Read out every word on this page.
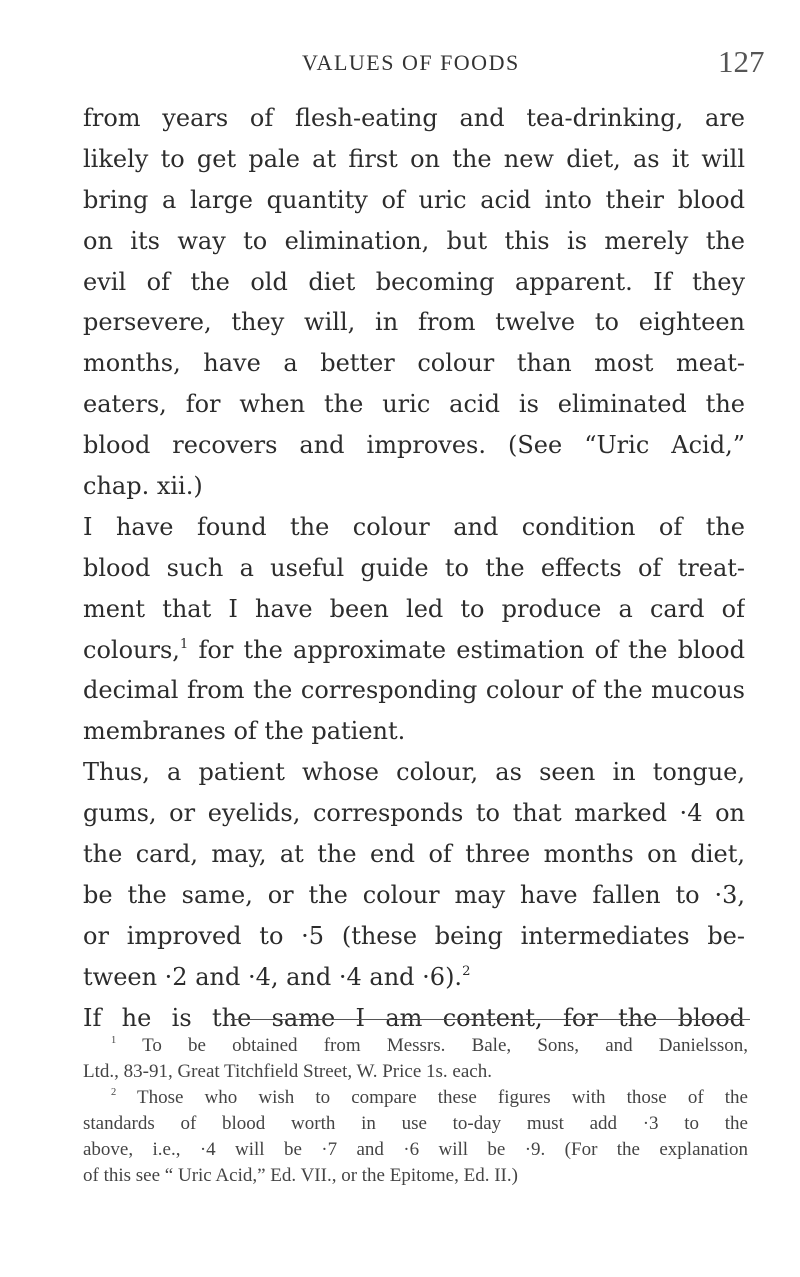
VALUES OF FOODS	127
from years of flesh-eating and tea-drinking, are
likely to get pale at first on the new diet, as it will
bring a large quantity of uric acid into their blood
on its way to elimination, but this is merely the
evil of the old diet becoming apparent. If they
persevere, they will, in from twelve to eighteen
months, have a better colour than most meat-
eaters, for when the uric acid is eliminated the
blood recovers and improves. (See “Uric Acid,”
chap. xii.)
I have found the colour and condition of the
blood such a useful guide to the effects of treat-
ment that I have been led to produce a card of
colours,$^1$ for the approximate estimation of the blood
decimal from the corresponding colour of the mucous
membranes of the patient.
Thus, a patient whose colour, as seen in tongue,
gums, or eyelids, corresponds to that marked ·4 on
the card, may, at the end of three months on diet,
be the same, or the colour may have fallen to ·3,
or improved to ·5 (these being intermediates be-
tween ·2 and ·4, and ·4 and ·6).$^2$
If he is the same I am content, for the blood
$^1$ To be obtained from Messrs. Bale, Sons, and Danielsson,
Ltd., 83-91, Great Titchfield Street, W. Price 1s. each.
$^2$ Those who wish to compare these figures with those of the
standards of blood worth in use to-day must add ·3 to the
above, i.e., ·4 will be ·7 and ·6 will be ·9. (For the explanation
of this see “ Uric Acid,” Ed. VII., or the Epitome, Ed. II.)
